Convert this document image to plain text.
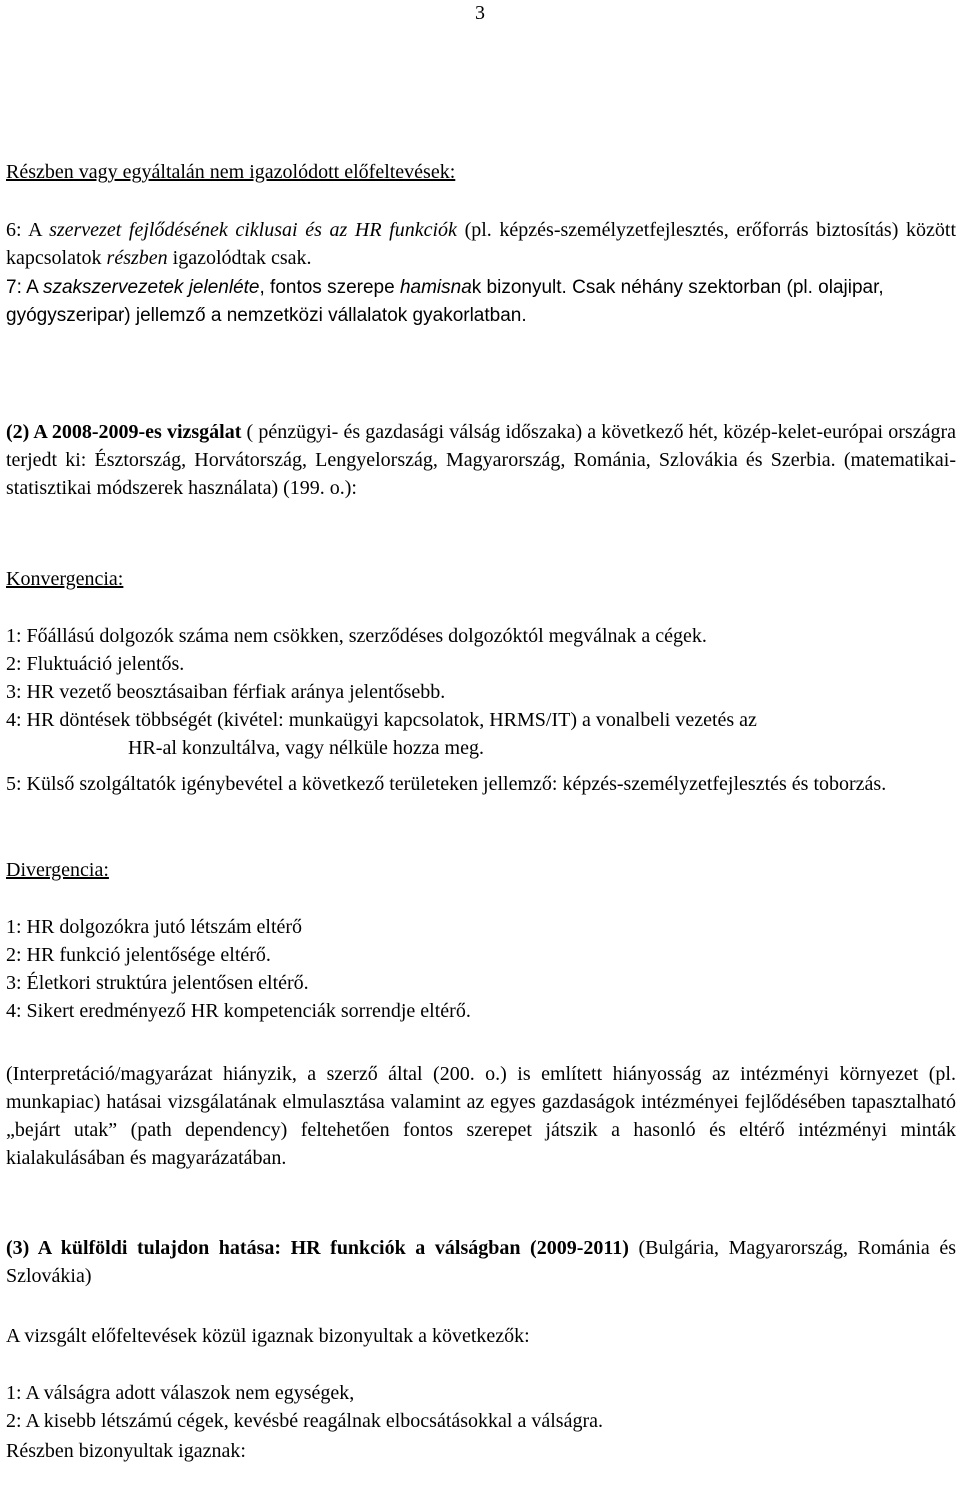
3
Részben vagy egyáltalán nem igazolódott előfeltevések:
6: A szervezet fejlődésének ciklusai és az HR funkciók (pl. képzés-személyzetfejlesztés, erőforrás biztosítás) között kapcsolatok részben igazolódtak csak.
7: A szakszervezetek jelenléte, fontos szerepe hamisnak bizonyult. Csak néhány szektorban (pl. olajipar, gyógyszeripar) jellemző a nemzetközi vállalatok gyakorlatban.
(2) A 2008-2009-es vizsgálat ( pénzügyi- és gazdasági válság időszaka) a következő hét, közép-kelet-európai országra terjedt ki: Észtország, Horvátország, Lengyelország, Magyarország, Románia, Szlovákia és Szerbia. (matematikai-statisztikai módszerek használata) (199. o.):
Konvergencia:
1: Főállású dolgozók száma nem csökken, szerződéses dolgozóktól megválnak a cégek.
2: Fluktuáció jelentős.
3: HR vezető beosztásaiban férfiak aránya jelentősebb.
4: HR döntések többségét (kivétel: munkaügyi kapcsolatok, HRMS/IT) a vonalbeli vezetés az
HR-al konzultálva, vagy nélküle hozza meg.
5: Külső szolgáltatók igénybevétel a következő területeken jellemző: képzés-személyzetfejlesztés és toborzás.
Divergencia:
1: HR dolgozókra jutó létszám eltérő
2: HR funkció jelentősége eltérő.
3: Életkori struktúra jelentősen eltérő.
4: Sikert eredményező HR kompetenciák sorrendje eltérő.
(Interpretáció/magyarázat hiányzik, a szerző által (200. o.) is említett hiányosság az intézményi környezet (pl. munkapiac) hatásai vizsgálatának elmulasztása valamint az egyes gazdaságok intézményei fejlődésében tapasztalható „bejárt utak” (path dependency) feltehetően fontos szerepet játszik a hasonló és eltérő intézményi minták kialakulásában és magyarázatában.
(3) A külföldi tulajdon hatása: HR funkciók a válságban (2009-2011) (Bulgária, Magyarország, Románia és Szlovákia)
A vizsgált előfeltevések közül igaznak bizonyultak a következők:
1: A válságra adott válaszok nem egységek,
2: A kisebb létszámú cégek, kevésbé reagálnak elbocsátásokkal a válságra.
Részben bizonyultak igaznak:
